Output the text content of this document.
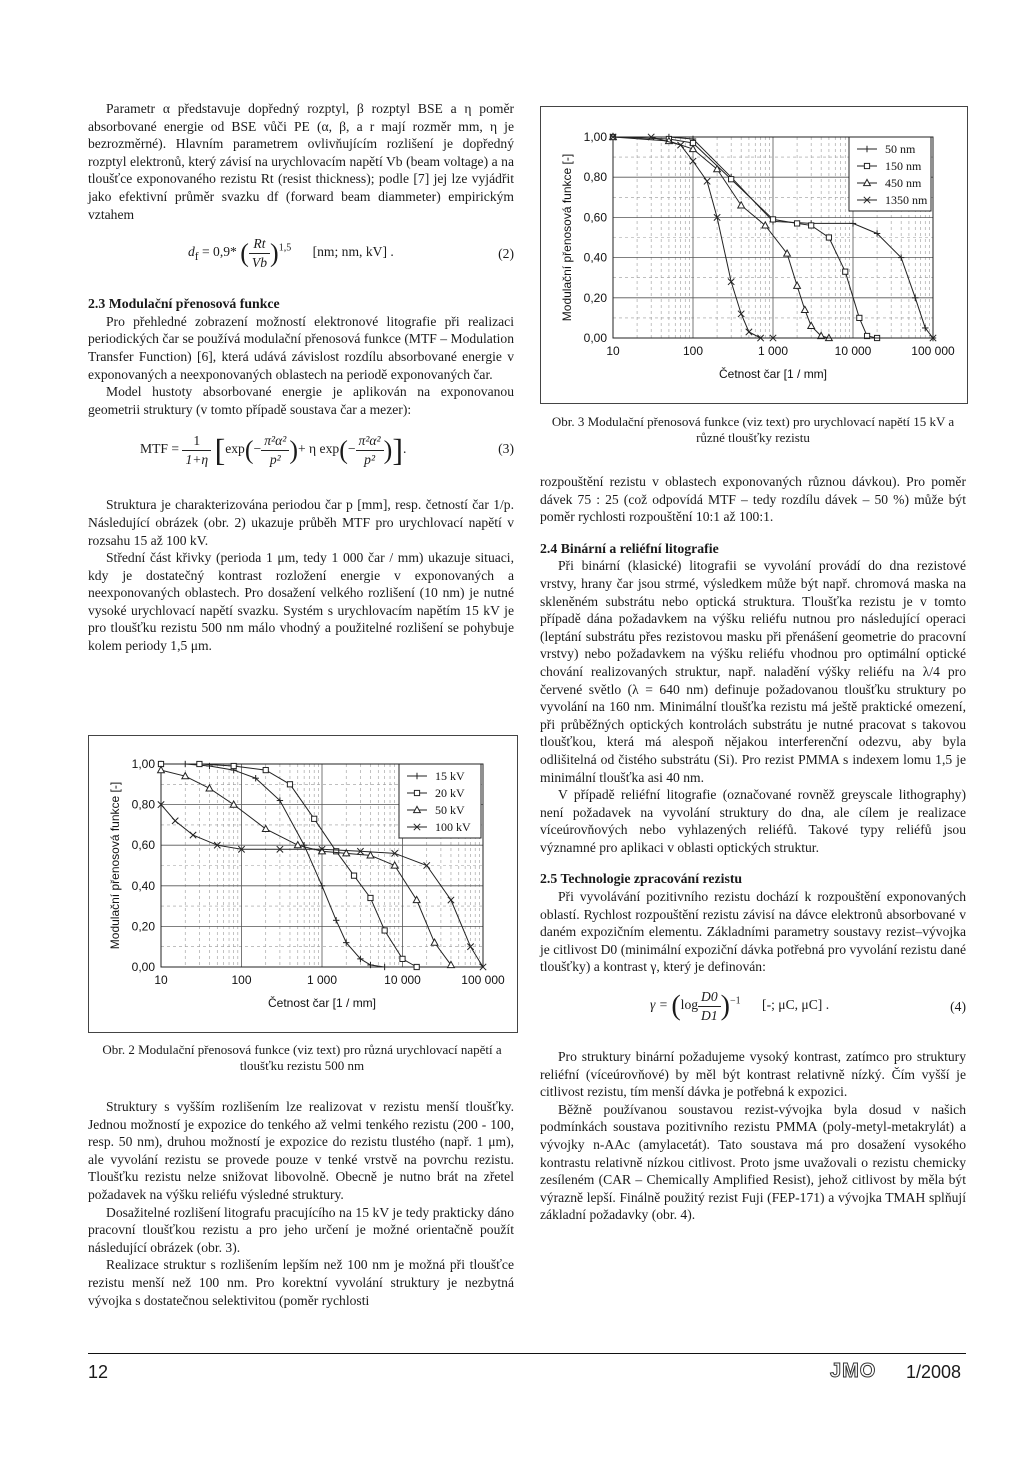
0,00
0,20
0,40
0,60
0,80
1,00
10	100	1 000	10 000	100 000
Četnost čar [1 / mm]
Modulační přenosová funkce [-]
50 nm
150 nm
450 nm
1350 nm
Obr. 3 Modulační přenosová funkce (viz text) pro urychlovací napětí 15 kV a různé tloušťky rezistu

Parametr α představuje dopředný rozptyl, β rozptyl BSE a η poměr absorbované energie od BSE vůči PE (α, β, a r mají rozměr mm, η je bezrozměrné). Hlavním parametrem ovlivňujícím rozlišení je dopředný rozptyl elektronů, který závisí na urychlovacím napětí Vb (beam voltage) a na tloušťce exponovaného rezistu Rt (resist thickness); podle [7] jej lze vyjádřit jako efektivní průměr svazku df (forward beam diammeter) empirickým vztahem

$d_f = 0,9*$ ( $\frac{Rt}{Vb} )^{1,5}$ [nm; nm, kV] .	(2)
2.3 Modulační přenosová funkce

Pro přehledné zobrazení možností elektronové litografie při realizaci periodických čar se používá modulační přenosová funkce (MTF – Modulation Transfer Function) [6], která udává závislost rozdílu absorbované energie v exponovaných a neexponovaných oblastech na periodě exponovaných čar.

Model hustoty absorbované energie je aplikován na exponovanou geometrii struktury (v tomto případě soustava čar a mezer):

MTF = $\frac{1}{1+\eta} [\exp(- \frac{\text{π²α²}}{\text{p²}}$ )+ η $\exp(- \frac{\text{π²α²}}{\text{p²}}$ )].	(3)

Struktura je charakterizována periodou čar p [mm], resp. četností čar 1/p. Následující obrázek (obr. 2) ukazuje průběh MTF pro urychlovací napětí v rozsahu 15 až 100 kV.

Střední část křivky (perioda 1 μm, tedy 1 000 čar / mm) ukazuje situaci, kdy je dostatečný kontrast rozložení energie v exponovaných a neexponovaných oblastech. Pro dosažení velkého rozlišení (10 nm) je nutné vysoké urychlovací napětí svazku. Systém s urychlovacím napětím 15 kV je pro tloušťku rezistu 500 nm málo vhodný a použitelné rozlišení se pohybuje kolem periody 1,5 μm.

0,00
0,20
0,40
0,60
0,80
1,00
10	100	1 000	10 000	100 000
Četnost čar [1 / mm]
Modulační přenosová funkce [-]
15 kV
20 kV
50 kV
100 kV
Obr. 2 Modulační přenosová funkce (viz text) pro různá urychlovací napětí a tloušťku rezistu 500 nm

Struktury s vyšším rozlišením lze realizovat v rezistu menší tloušťky. Jednou možností je expozice do tenkého až velmi tenkého rezistu (200 - 100, resp. 50 nm), druhou možností je expozice do rezistu tlustého (např. 1 μm), ale vyvolání rezistu se provede pouze v tenké vrstvě na povrchu rezistu. Tloušťku rezistu nelze snižovat libovolně. Obecně je nutno brát na zřetel požadavek na výšku reliéfu výsledné struktury.

Dosažitelné rozlišení litografu pracujícího na 15 kV je tedy prakticky dáno pracovní tloušťkou rezistu a pro jeho určení je možné orientačně použít následující obrázek (obr. 3).

Realizace struktur s rozlišením lepším než 100 nm je možná při tloušťce rezistu menší než 100 nm. Pro korektní vyvolání struktury je nezbytná vývojka s dostatečnou selektivitou (poměr rychlosti

rozpouštění rezistu v oblastech exponovaných různou dávkou). Pro poměr dávek 75 : 25 (což odpovídá MTF – tedy rozdílu dávek – 50 %) může být poměr rychlosti rozpouštění 10:1 až 100:1.

2.4 Binární a reliéfní litografie

Při binární (klasické) litografii se vyvolání provádí do dna rezistové vrstvy, hrany čar jsou strmé, výsledkem může být např. chromová maska na skleněném substrátu nebo optická struktura. Tloušťka rezistu je v tomto případě dána požadavkem na výšku reliéfu nutnou pro následující operaci (leptání substrátu přes rezistovou masku při přenášení geometrie do pracovní vrstvy) nebo požadavkem na výšku reliéfu vhodnou pro optimální optické chování realizovaných struktur, např. naladění výšky reliéfu na λ/4 pro červené světlo (λ = 640 nm) definuje požadovanou tloušťku struktury po vyvolání na 160 nm. Minimální tloušťka rezistu má ještě praktické omezení, při průběžných optických kontrolách substrátu je nutné pracovat s takovou tloušťkou, která má alespoň nějakou interferenční odezvu, aby byla odlišitelná od čistého substrátu (Si). Pro rezist PMMA s indexem lomu 1,5 je minimální tloušťka asi 40 nm.

V případě reliéfní litografie (označované rovněž greyscale lithography) není požadavek na vyvolání struktury do dna, ale cílem je realizace víceúrovňových nebo vyhlazených reliéfů. Takové typy reliéfů jsou významné pro aplikaci v oblasti optických struktur.

2.5 Technologie zpracování rezistu

Při vyvolávání pozitivního rezistu dochází k rozpouštění exponovaných oblastí. Rychlost rozpouštění rezistu závisí na dávce elektronů absorbované v daném expozičním elementu. Základními parametry soustavy rezist–vývojka je citlivost D0 (minimální expoziční dávka potřebná pro vyvolání rezistu dané tloušťky) a kontrast γ, který je definován:

$\gamma = (\log \frac{D0}{D1} )^{-1}$ [-; μC, μC] .	(4)

Pro struktury binární požadujeme vysoký kontrast, zatímco pro struktury reliéfní (víceúrovňové) by měl být kontrast relativně nízký. Čím vyšší je citlivost rezistu, tím menší dávka je potřebná k expozici.

Běžně používanou soustavou rezist-vývojka byla dosud v našich podmínkách soustava pozitivního rezistu PMMA (poly-metyl-metakrylát) a vývojky n-AAc (amylacetát). Tato soustava má pro dosažení vysokého kontrastu relativně nízkou citlivost. Proto jsme uvažovali o rezistu chemicky zesíleném (CAR – Chemically Amplified Resist), jehož citlivost by měla být výrazně lepší. Finálně použitý rezist Fuji (FEP-171) a vývojka TMAH splňují základní požadavky (obr. 4).

12	JMO 1/2008
